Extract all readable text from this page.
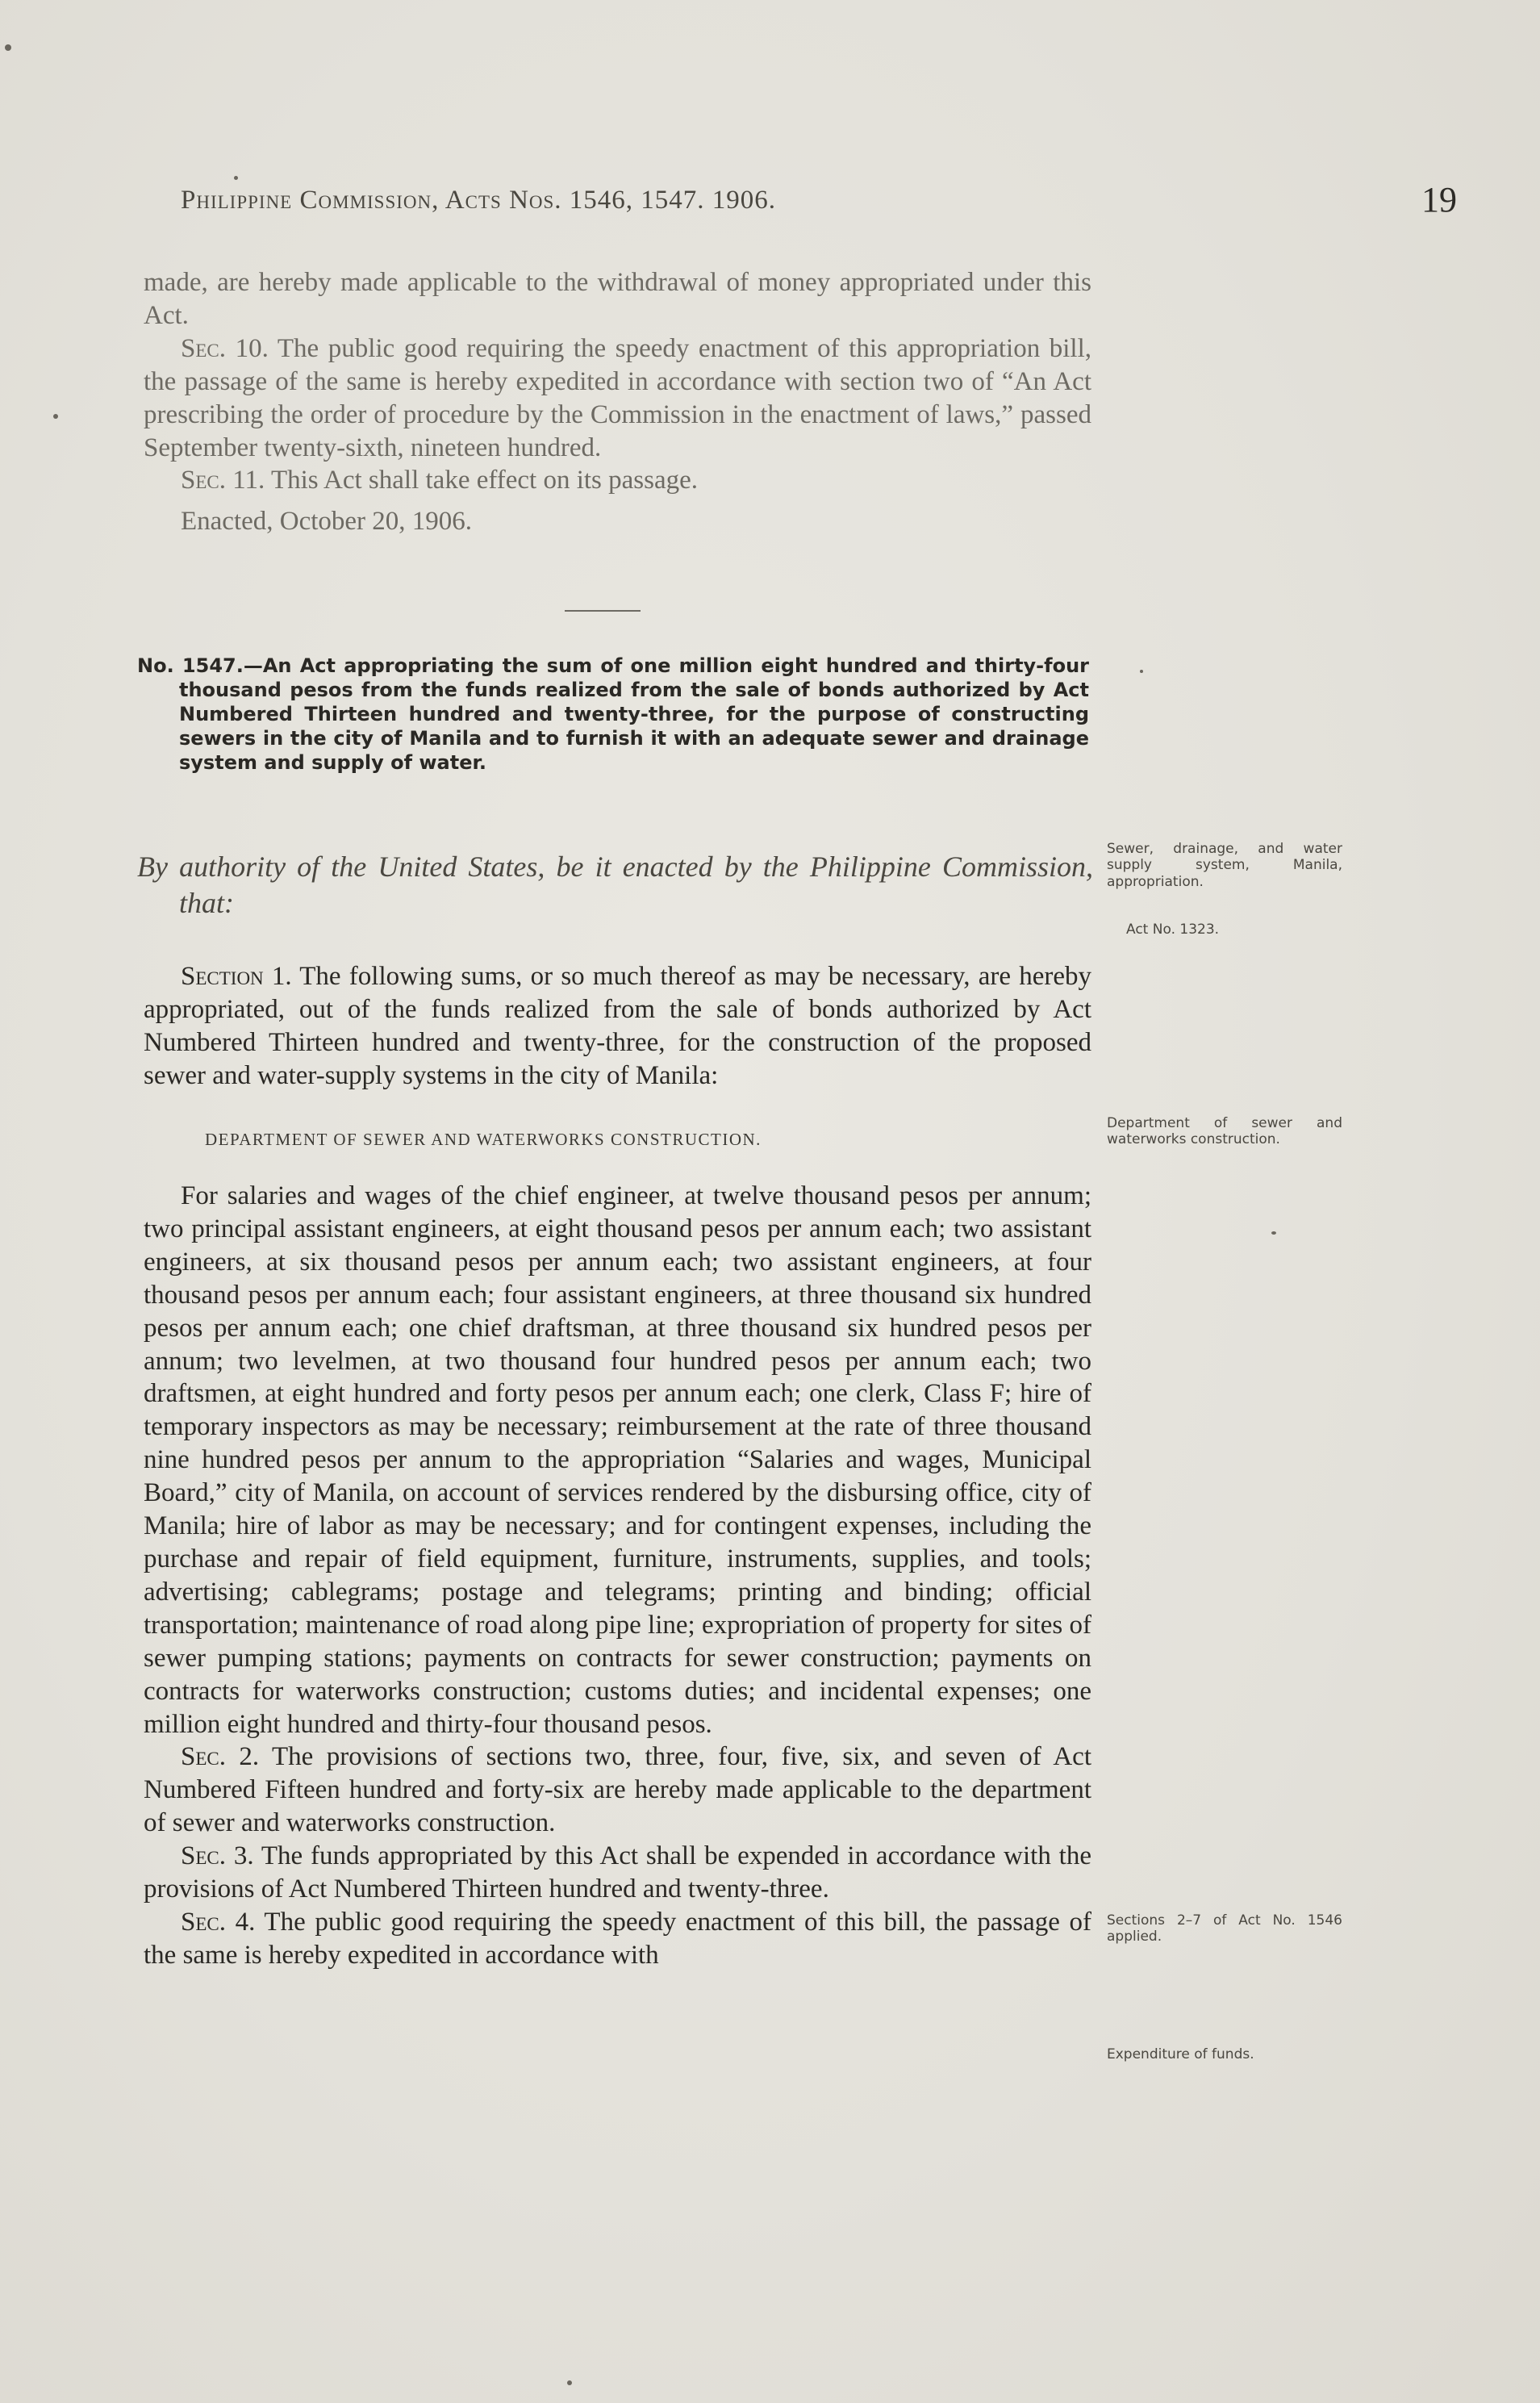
Philippine Commission, Acts Nos. 1546, 1547. 1906.	19

made, are hereby made applicable to the withdrawal of money appropriated under this Act.

Sec. 10. The public good requiring the speedy enactment of this appropriation bill, the passage of the same is hereby expedited in accordance with section two of “An Act prescribing the order of procedure by the Commission in the enactment of laws,” passed September twenty-sixth, nineteen hundred.

Sec. 11. This Act shall take effect on its passage.

Enacted, October 20, 1906.

No. 1547.—An Act appropriating the sum of one million eight hundred and thirty-four thousand pesos from the funds realized from the sale of bonds authorized by Act Numbered Thirteen hundred and twenty-three, for the purpose of constructing sewers in the city of Manila and to furnish it with an adequate sewer and drainage system and supply of water.
By authority of the United States, be it enacted by the Philippine Commission, that:

Section 1. The following sums, or so much thereof as may be necessary, are hereby appropriated, out of the funds realized from the sale of bonds authorized by Act Numbered Thirteen hundred and twenty-three, for the construction of the proposed sewer and water-supply systems in the city of Manila:

DEPARTMENT OF SEWER AND WATERWORKS CONSTRUCTION.

For salaries and wages of the chief engineer, at twelve thousand pesos per annum; two principal assistant engineers, at eight thousand pesos per annum each; two assistant engineers, at six thousand pesos per annum each; two assistant engineers, at four thousand pesos per annum each; four assistant engineers, at three thousand six hundred pesos per annum each; one chief draftsman, at three thousand six hundred pesos per annum; two levelmen, at two thousand four hundred pesos per annum each; two draftsmen, at eight hundred and forty pesos per annum each; one clerk, Class F; hire of temporary inspectors as may be necessary; reimbursement at the rate of three thousand nine hundred pesos per annum to the appropriation “Salaries and wages, Municipal Board,” city of Manila, on account of services rendered by the disbursing office, city of Manila; hire of labor as may be necessary; and for contingent expenses, including the purchase and repair of field equipment, furniture, instruments, supplies, and tools; advertising; cablegrams; postage and telegrams; printing and binding; official transportation; maintenance of road along pipe line; expropriation of property for sites of sewer pumping stations; payments on contracts for sewer construction; payments on contracts for waterworks construction; customs duties; and incidental expenses; one million eight hundred and thirty-four thousand pesos.

Sec. 2. The provisions of sections two, three, four, five, six, and seven of Act Numbered Fifteen hundred and forty-six are hereby made applicable to the department of sewer and waterworks construction.

Sec. 3. The funds appropriated by this Act shall be expended in accordance with the provisions of Act Numbered Thirteen hundred and twenty-three.

Sec. 4. The public good requiring the speedy enactment of this bill, the passage of the same is hereby expedited in accordance with

Sewer, drainage, and water supply system, Manila, appropriation.
Act No. 1323.
Department of sewer and waterworks construction.
Sections 2–7 of Act No. 1546 applied.
Expenditure of funds.
